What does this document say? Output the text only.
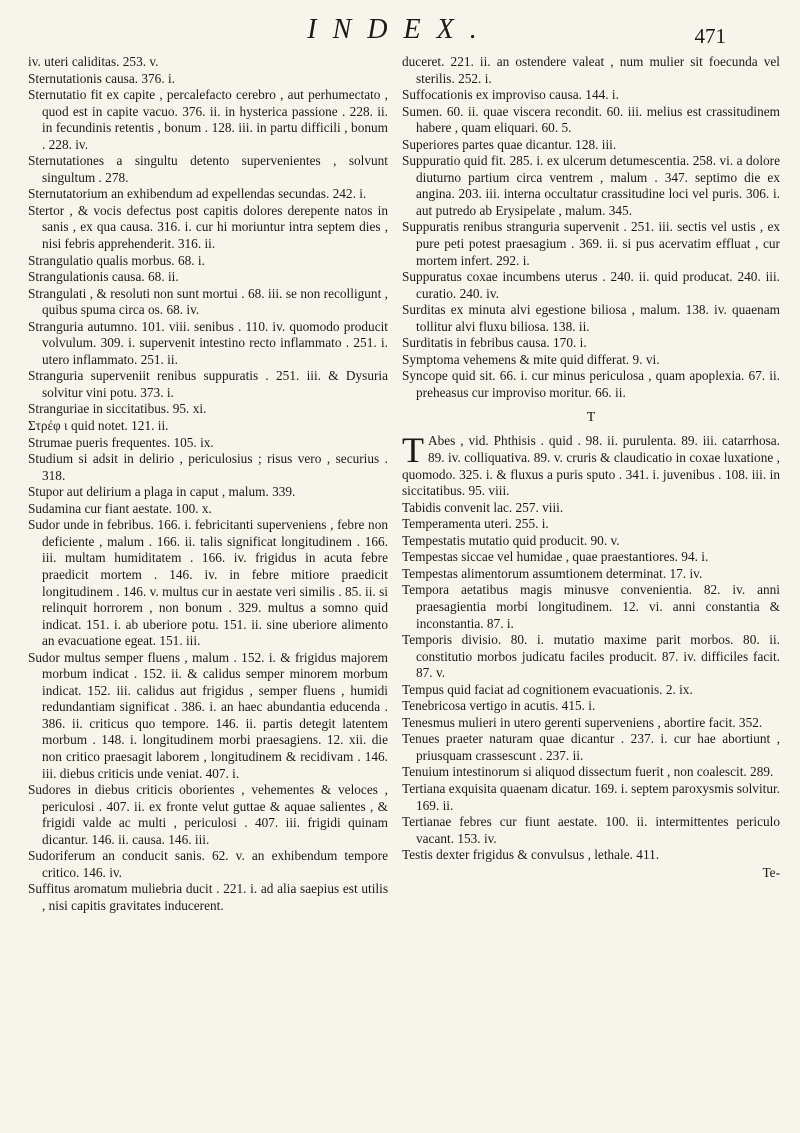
INDEX.	471

iv. uteri caliditas. 253. v.

Sternutationis causa. 376. i.

Sternutatio fit ex capite , percalefacto cerebro , aut perhumectato , quod est in capite vacuo. 376. ii. in hysterica passione . 228. ii. in fecundinis retentis , bonum . 128. iii. in partu difficili , bonum . 228. iv.

Sternutationes a singultu detento supervenientes , solvunt singultum . 278.

Sternutatorium an exhibendum ad expellendas secundas. 242. i.

Stertor , & vocis defectus post capitis dolores derepente natos in sanis , ex qua causa. 316. i. cur hi moriuntur intra septem dies , nisi febris apprehenderit. 316. ii.

Strangulatio qualis morbus. 68. i.

Strangulationis causa. 68. ii.

Strangulati , & resoluti non sunt mortui . 68. iii. se non recolligunt , quibus spuma circa os. 68. iv.

Stranguria autumno. 101. viii. senibus . 110. iv. quomodo producit volvulum. 309. i. supervenit intestino recto inflammato . 251. i. utero inflammato. 251. ii.

Stranguria superveniit renibus suppuratis . 251. iii. & Dysuria solvitur vini potu. 373. i.

Stranguriae in siccitatibus. 95. xi.

Στρέφ ι quid notet. 121. ii.

Strumae pueris frequentes. 105. ix.

Studium si adsit in delirio , periculosius ; risus vero , securius . 318.

Stupor aut delirium a plaga in caput , malum. 339.

Sudamina cur fiant aestate. 100. x.

Sudor unde in febribus. 166. i. febricitanti superveniens , febre non deficiente , malum . 166. ii. talis significat longitudinem . 166. iii. multam humiditatem . 166. iv. frigidus in acuta febre praedicit mortem . 146. iv. in febre mitiore praedicit longitudinem . 146. v. multus cur in aestate veri similis . 85. ii. si relinquit horrorem , non bonum . 329. multus a somno quid indicat. 151. i. ab uberiore potu. 151. ii. sine uberiore alimento an evacuatione egeat. 151. iii.

Sudor multus semper fluens , malum . 152. i. & frigidus majorem morbum indicat . 152. ii. & calidus semper minorem morbum indicat. 152. iii. calidus aut frigidus , semper fluens , humidi redundantiam significat . 386. i. an haec abundantia educenda . 386. ii. criticus quo tempore. 146. ii. partis detegit latentem morbum . 148. i. longitudinem morbi praesagiens. 12. xii. die non critico praesagit laborem , longitudinem & recidivam . 146. iii. diebus criticis unde veniat. 407. i.

Sudores in diebus criticis oborientes , vehementes & veloces , periculosi . 407. ii. ex fronte velut guttae & aquae salientes , & frigidi valde ac multi , periculosi . 407. iii. frigidi quinam dicantur. 146. ii. causa. 146. iii.

Sudoriferum an conducit sanis. 62. v. an exhibendum tempore critico. 146. iv.

Suffitus aromatum muliebria ducit . 221. i. ad alia saepius est utilis , nisi capitis gravitates inducerent.

duceret. 221. ii. an ostendere valeat , num mulier sit foecunda vel sterilis. 252. i.

Suffocationis ex improviso causa. 144. i.

Sumen. 60. ii. quae viscera recondit. 60. iii. melius est crassitudinem habere , quam eliquari. 60. 5.

Superiores partes quae dicantur. 128. iii.

Suppuratio quid fit. 285. i. ex ulcerum detumescentia. 258. vi. a dolore diuturno partium circa ventrem , malum . 347. septimo die ex angina. 203. iii. interna occultatur crassitudine loci vel puris. 306. i. aut putredo ab Erysipelate , malum. 345.

Suppuratis renibus stranguria supervenit . 251. iii. sectis vel ustis , ex pure peti potest praesagium . 369. ii. si pus acervatim effluat , cur mortem infert. 292. i.

Suppuratus coxae incumbens uterus . 240. ii. quid producat. 240. iii. curatio. 240. iv.

Surditas ex minuta alvi egestione biliosa , malum. 138. iv. quaenam tollitur alvi fluxu biliosa. 138. ii.

Surditatis in febribus causa. 170. i.

Symptoma vehemens & mite quid differat. 9. vi.

Syncope quid sit. 66. i. cur minus periculosa , quam apoplexia. 67. ii. preheasus cur improviso moritur. 66. ii.

T

T Abes , vid. Phthisis . quid . 98. ii. purulenta. 89. iii. catarrhosa. 89. iv. colliquativa. 89. v. cruris & claudicatio in coxae luxatione , quomodo. 325. i. & fluxus a puris sputo . 341. i. juvenibus . 108. iii. in siccitatibus. 95. viii.

Tabidis convenit lac. 257. viii.

Temperamenta uteri. 255. i.

Tempestatis mutatio quid producit. 90. v.

Tempestas siccae vel humidae , quae praestantiores. 94. i.

Tempestas alimentorum assumtionem determinat. 17. iv.

Tempora aetatibus magis minusve convenientia. 82. iv. anni praesagientia morbi longitudinem. 12. vi. anni constantia & inconstantia. 87. i.

Temporis divisio. 80. i. mutatio maxime parit morbos. 80. ii. constitutio morbos judicatu faciles producit. 87. iv. difficiles facit. 87. v.

Tempus quid faciat ad cognitionem evacuationis. 2. ix.

Tenebricosa vertigo in acutis. 415. i.

Tenesmus mulieri in utero gerenti superveniens , abortire facit. 352.

Tenues praeter naturam quae dicantur . 237. i. cur hae abortiunt , priusquam crassescunt . 237. ii.

Tenuium intestinorum si aliquod dissectum fuerit , non coalescit. 289.

Tertiana exquisita quaenam dicatur. 169. i. septem paroxysmis solvitur. 169. ii.

Tertianae febres cur fiunt aestate. 100. ii. intermittentes periculo vacant. 153. iv.

Testis dexter frigidus & convulsus , lethale. 411.

Te-
